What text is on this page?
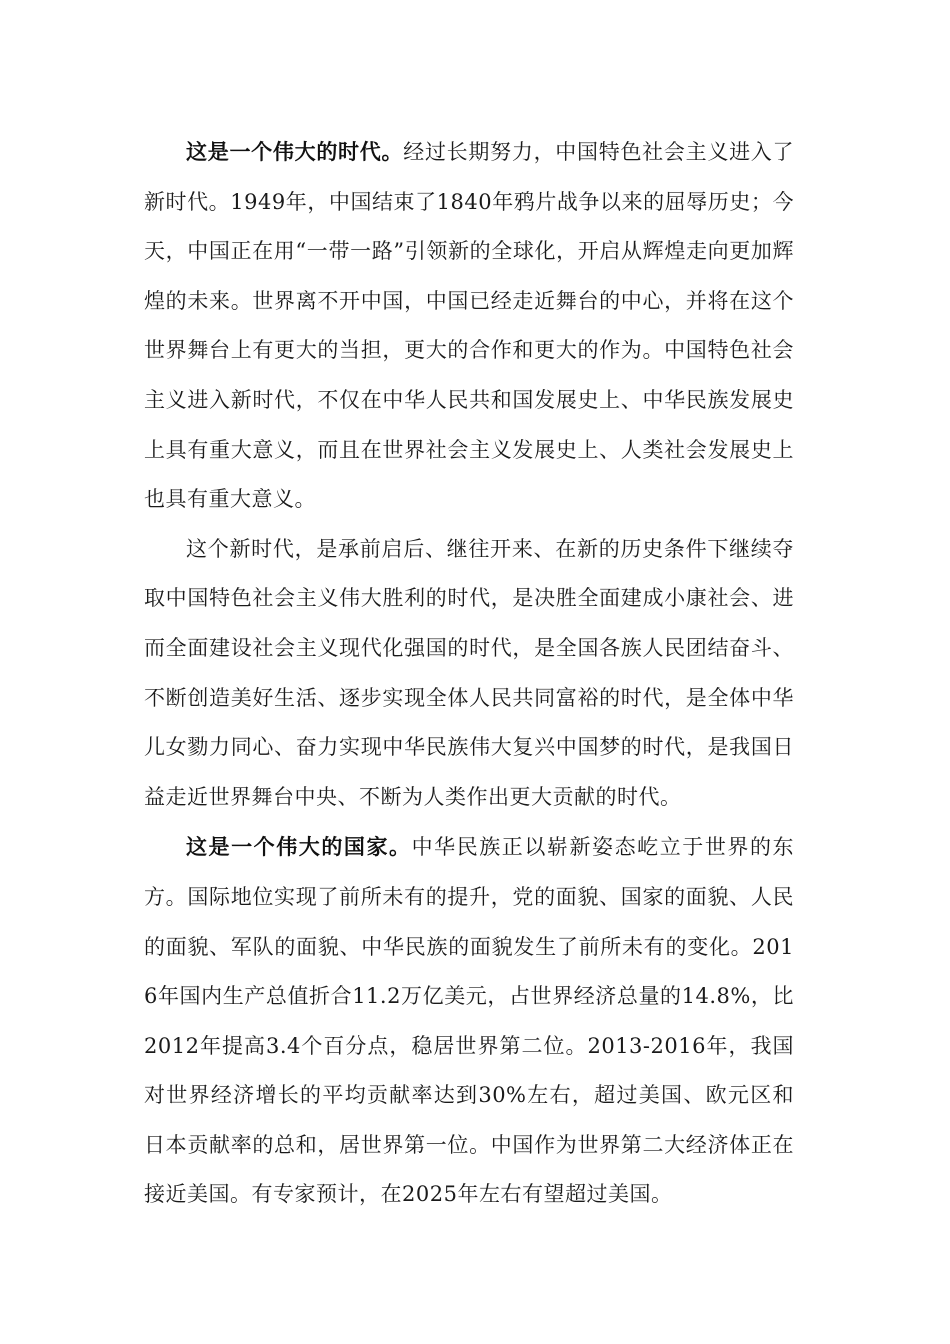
这是一个伟大的时代。经过长期努力，中国特色社会主义进入了新时代。1949年，中国结束了1840年鸦片战争以来的屈辱历史；今天，中国正在用“一带一路”引领新的全球化，开启从辉煌走向更加辉煌的未来。世界离不开中国，中国已经走近舞台的中心，并将在这个世界舞台上有更大的当担，更大的合作和更大的作为。中国特色社会主义进入新时代，不仅在中华人民共和国发展史上、中华民族发展史上具有重大意义，而且在世界社会主义发展史上、人类社会发展史上也具有重大意义。

这个新时代，是承前启后、继往开来、在新的历史条件下继续夺取中国特色社会主义伟大胜利的时代，是决胜全面建成小康社会、进而全面建设社会主义现代化强国的时代，是全国各族人民团结奋斗、不断创造美好生活、逐步实现全体人民共同富裕的时代，是全体中华儿女勠力同心、奋力实现中华民族伟大复兴中国梦的时代，是我国日益走近世界舞台中央、不断为人类作出更大贡献的时代。

这是一个伟大的国家。中华民族正以崭新姿态屹立于世界的东方。国际地位实现了前所未有的提升，党的面貌、国家的面貌、人民的面貌、军队的面貌、中华民族的面貌发生了前所未有的变化。2016年国内生产总值折合11.2万亿美元，占世界经济总量的14.8%，比2012年提高3.4个百分点，稳居世界第二位。2013-2016年，我国对世界经济增长的平均贡献率达到30%左右，超过美国、欧元区和日本贡献率的总和，居世界第一位。中国作为世界第二大经济体正在接近美国。有专家预计，在2025年左右有望超过美国。
